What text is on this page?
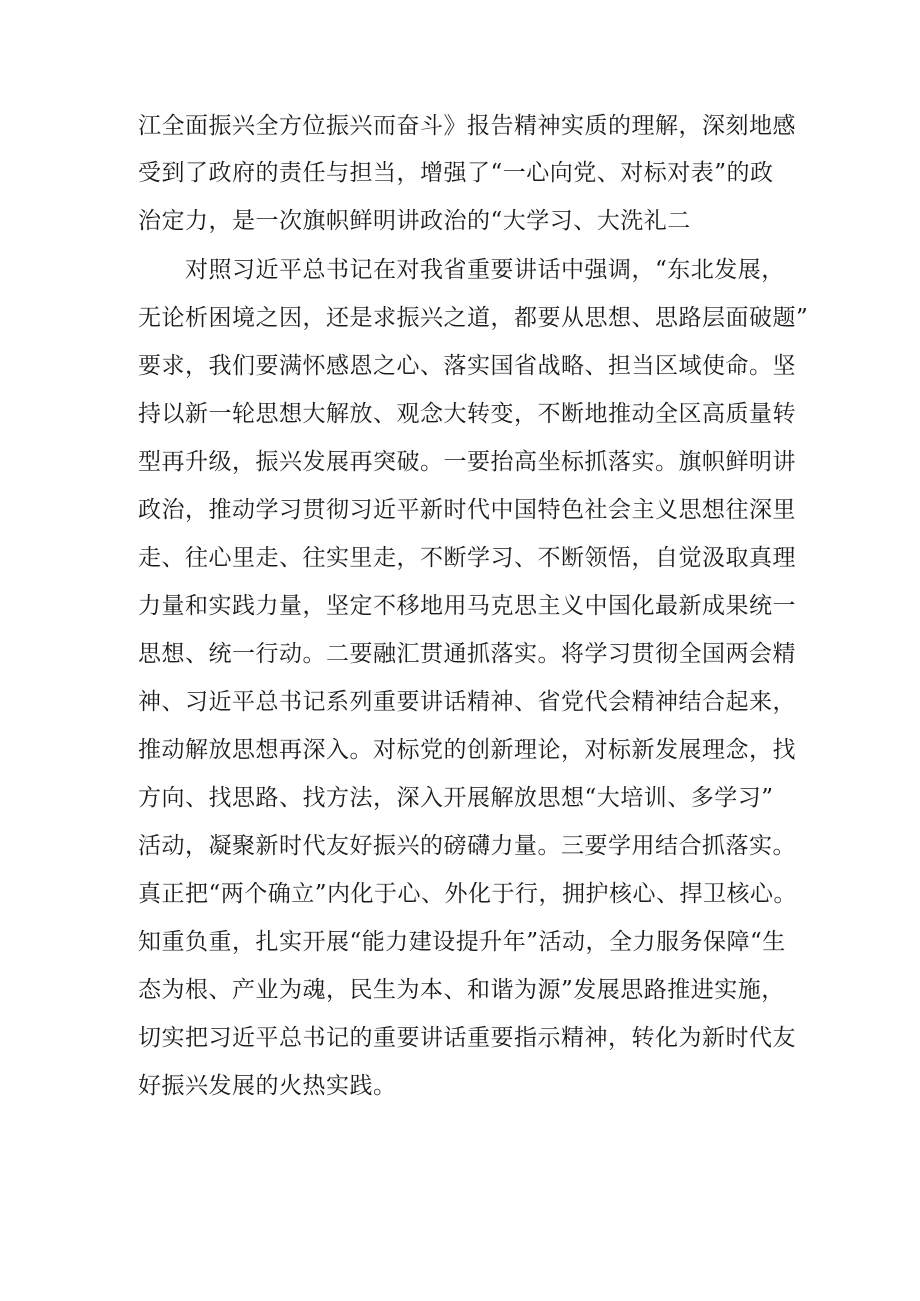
江全面振兴全方位振兴而奋斗》报告精神实质的理解，深刻地感
受到了政府的责任与担当，增强了“一心向党、对标对表”的政
治定力，是一次旗帜鲜明讲政治的“大学习、大洗礼二
对照习近平总书记在对我省重要讲话中强调，“东北发展，
无论析困境之因，还是求振兴之道，都要从思想、思路层面破题”
要求，我们要满怀感恩之心、落实国省战略、担当区域使命。坚
持以新一轮思想大解放、观念大转变，不断地推动全区高质量转
型再升级，振兴发展再突破。一要抬高坐标抓落实。旗帜鲜明讲
政治，推动学习贯彻习近平新时代中国特色社会主义思想往深里
走、往心里走、往实里走，不断学习、不断领悟，自觉汲取真理
力量和实践力量，坚定不移地用马克思主义中国化最新成果统一
思想、统一行动。二要融汇贯通抓落实。将学习贯彻全国两会精
神、习近平总书记系列重要讲话精神、省党代会精神结合起来，
推动解放思想再深入。对标党的创新理论，对标新发展理念，找
方向、找思路、找方法，深入开展解放思想“大培训、多学习”
活动，凝聚新时代友好振兴的磅礴力量。三要学用结合抓落实。
真正把“两个确立”内化于心、外化于行，拥护核心、捍卫核心。
知重负重，扎实开展“能力建设提升年”活动，全力服务保障“生
态为根、产业为魂，民生为本、和谐为源”发展思路推进实施，
切实把习近平总书记的重要讲话重要指示精神，转化为新时代友
好振兴发展的火热实践。
